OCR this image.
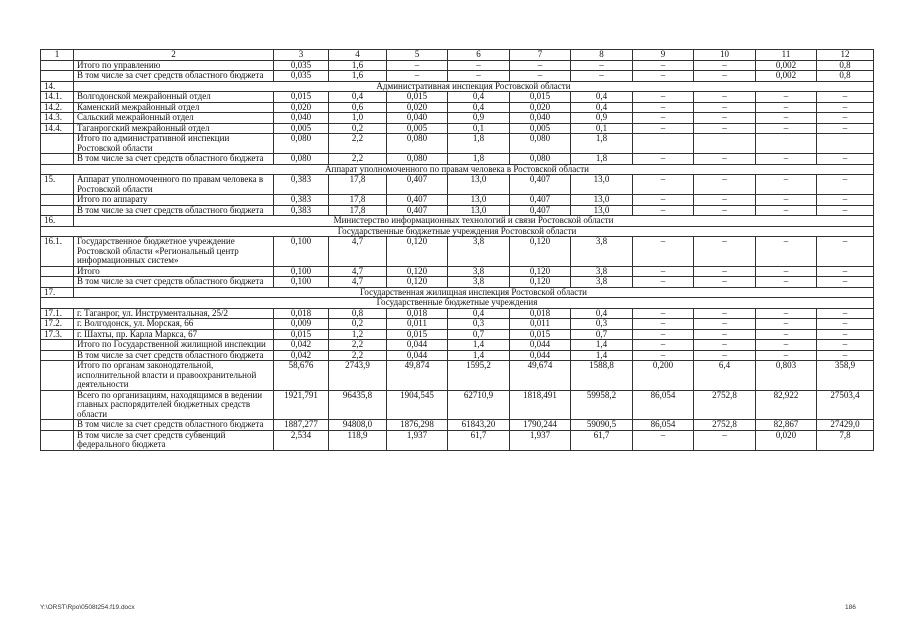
1	2	3	4	5	6	7	8	9	10	11	12
	Итого по управлению	0,035	1,6	–	–	–	–	–	–	0,002	0,8
	В том числе за счет средств областного бюджета	0,035	1,6	–	–	–	–	–	–	0,002	0,8
14.	Административная инспекция Ростовской области										
14.1.	Волгодонской межрайонный отдел	0,015	0,4	0,015	0,4	0,015	0,4	–	–	–	–
14.2.	Каменский межрайонный отдел	0,020	0,6	0,020	0,4	0,020	0,4	–	–	–	–
14.3.	Сальский межрайонный отдел	0,040	1,0	0,040	0,9	0,040	0,9	–	–	–	–
14.4.	Таганрогский межрайонный отдел	0,005	0,2	0,005	0,1	0,005	0,1	–	–	–	–
	Итого по административной инспекции Ростовской области	0,080	2,2	0,080	1,8	0,080	1,8				
	В том числе за счет средств областного бюджета	0,080	2,2	0,080	1,8	0,080	1,8	–	–	–	–
Аппарат уполномоченного по правам человека в Ростовской области											
15.	Аппарат уполномоченного по правам человека в Ростовской области	0,383	17,8	0,407	13,0	0,407	13,0	–	–	–	–
	Итого по аппарату	0,383	17,8	0,407	13,0	0,407	13,0	–	–	–	–
	В том числе за счет средств областного бюджета	0,383	17,8	0,407	13,0	0,407	13,0	–	–	–	–
16.	Министерство информационных технологий и связи Ростовской области										
Государственные бюджетные учреждения Ростовской области											
16.1.	Государственное бюджетное учреждение Ростовской области «Региональный центр информационных систем»	0,100	4,7	0,120	3,8	0,120	3,8	–	–	–	–
	Итого	0,100	4,7	0,120	3,8	0,120	3,8	–	–	–	–
	В том числе за счет средств областного бюджета	0,100	4,7	0,120	3,8	0,120	3,8	–	–	–	–
17.	Государственная жилищная инспекция Ростовской области										
Государственные бюджетные учреждения											
17.1.	г. Таганрог, ул. Инструментальная, 25/2	0,018	0,8	0,018	0,4	0,018	0,4	–	–	–	–
17.2.	г. Волгодонск, ул. Морская, 66	0,009	0,2	0,011	0,3	0,011	0,3	–	–	–	–
17.3.	г. Шахты, пр. Карла Маркса, 67	0,015	1,2	0,015	0,7	0,015	0,7	–	–	–	–
	Итого по Государственной жилищной инспекции	0,042	2,2	0,044	1,4	0,044	1,4	–	–	–	–
	В том числе за счет средств областного бюджета	0,042	2,2	0,044	1,4	0,044	1,4	–	–	–	–
	Итого по органам законодательной, исполнительной власти и правоохранительной деятельности	58,676	2743,9	49,874	1595,2	49,674	1588,8	0,200	6,4	0,803	358,9
	Всего по организациям, находящимся в ведении главных распорядителей бюджетных средств области	1921,791	96435,8	1904,545	62710,9	1818,491	59958,2	86,054	2752,8	82,922	27503,4
	В том числе за счет средств областного бюджета	1887,277	94808,0	1876,298	61843,20	1790,244	59090,5	86,054	2752,8	82,867	27429,0
	В том числе за счет средств субвенций федерального бюджета	2,534	118,9	1,937	61,7	1,937	61,7	–	–	0,020	7,8
Y:\ORST\Rpo\0508t254.f19.docx	186
